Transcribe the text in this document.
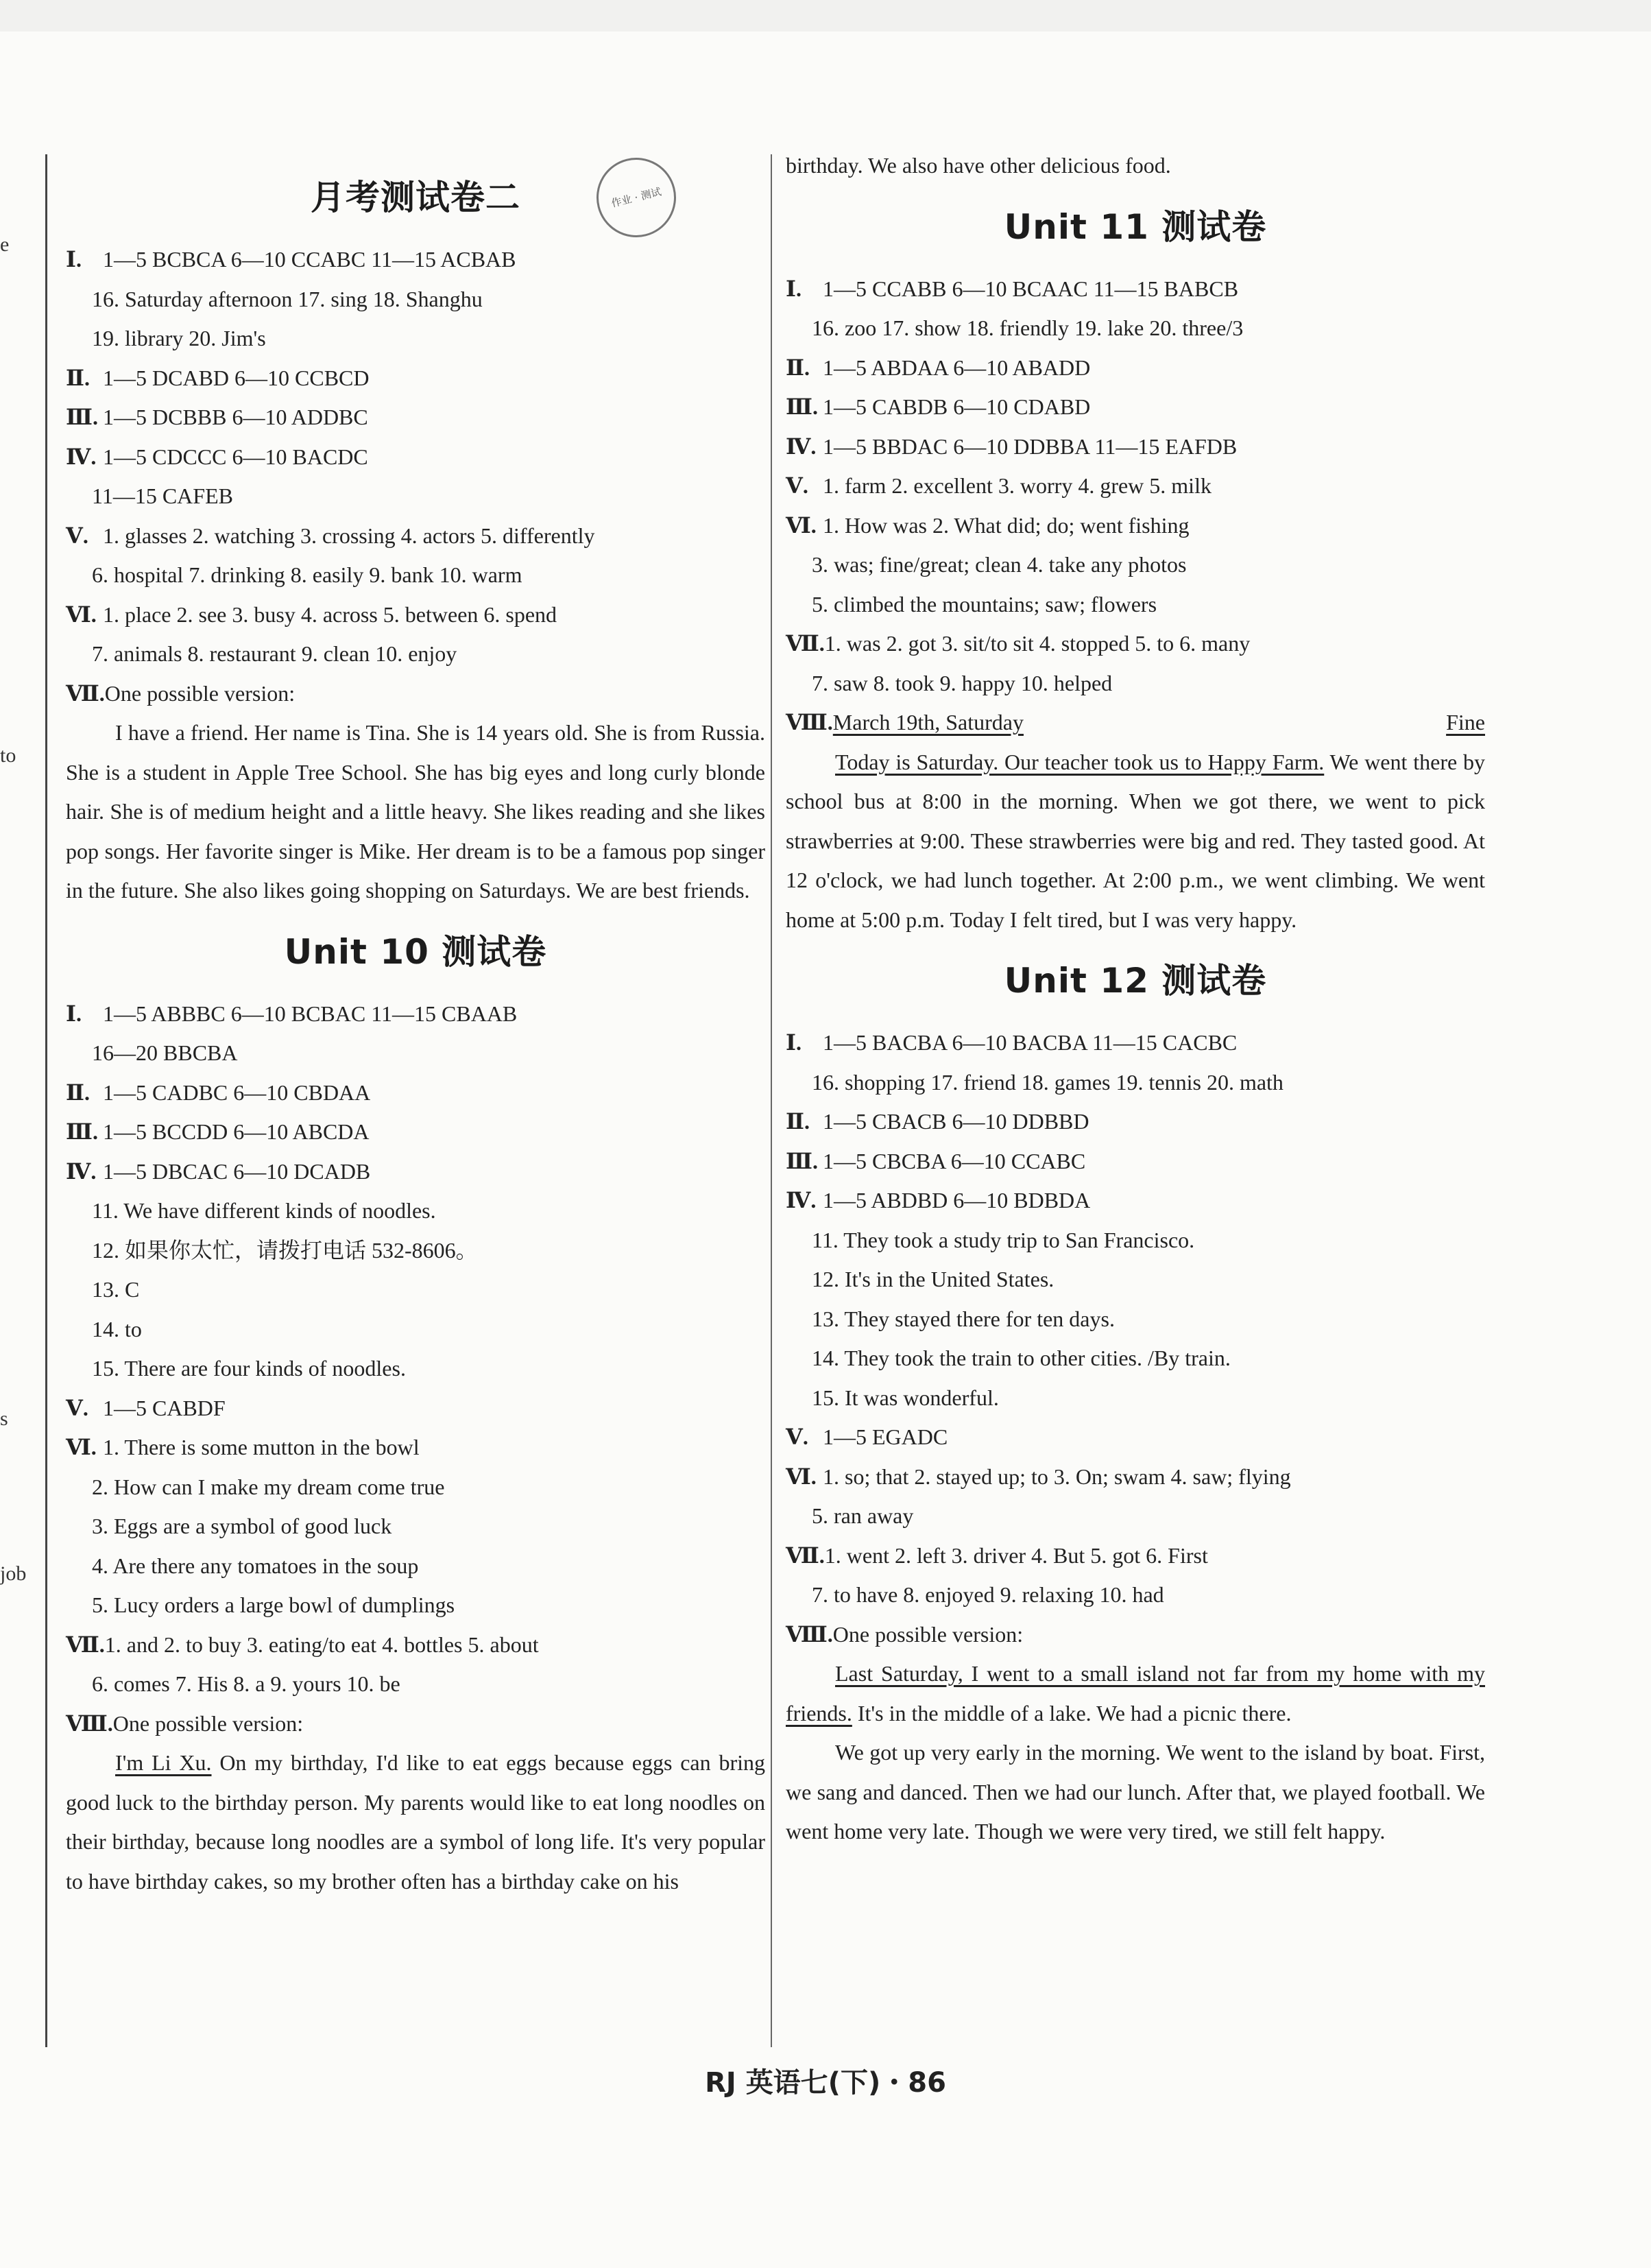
e
to
s
job
作业 · 测试
月考测试卷二
Ⅰ. 1—5 BCBCA 6—10 CCABC 11—15 ACBAB
16. Saturday afternoon 17. sing 18. Shanghu
19. library 20. Jim's
Ⅱ. 1—5 DCABD 6—10 CCBCD
Ⅲ. 1—5 DCBBB 6—10 ADDBC
Ⅳ. 1—5 CDCCC 6—10 BACDC
11—15 CAFEB
Ⅴ. 1. glasses 2. watching 3. crossing 4. actors 5. differently
6. hospital 7. drinking 8. easily 9. bank 10. warm
Ⅵ. 1. place 2. see 3. busy 4. across 5. between 6. spend
7. animals 8. restaurant 9. clean 10. enjoy
Ⅶ.One possible version:
I have a friend. Her name is Tina. She is 14 years old. She is from Russia. She is a student in Apple Tree School. She has big eyes and long curly blonde hair. She is of medium height and a little heavy. She likes reading and she likes pop songs. Her favorite singer is Mike. Her dream is to be a famous pop singer in the future. She also likes going shopping on Saturdays. We are best friends.
Unit 10 测试卷
Ⅰ. 1—5 ABBBC 6—10 BCBAC 11—15 CBAAB
16—20 BBCBA
Ⅱ. 1—5 CADBC 6—10 CBDAA
Ⅲ. 1—5 BCCDD 6—10 ABCDA
Ⅳ. 1—5 DBCAC 6—10 DCADB
11. We have different kinds of noodles.
12. 如果你太忙，请拨打电话 532-8606。
13. C
14. to
15. There are four kinds of noodles.
Ⅴ. 1—5 CABDF
Ⅵ. 1. There is some mutton in the bowl
2. How can I make my dream come true
3. Eggs are a symbol of good luck
4. Are there any tomatoes in the soup
5. Lucy orders a large bowl of dumplings
Ⅶ.1. and 2. to buy 3. eating/to eat 4. bottles 5. about
6. comes 7. His 8. a 9. yours 10. be
Ⅷ.One possible version:
I'm Li Xu. On my birthday, I'd like to eat eggs because eggs can bring good luck to the birthday person. My parents would like to eat long noodles on their birthday, because long noodles are a symbol of long life. It's very popular to have birthday cakes, so my brother often has a birthday cake on his
birthday. We also have other delicious food.
Unit 11 测试卷
Ⅰ. 1—5 CCABB 6—10 BCAAC 11—15 BABCB
16. zoo 17. show 18. friendly 19. lake 20. three/3
Ⅱ. 1—5 ABDAA 6—10 ABADD
Ⅲ. 1—5 CABDB 6—10 CDABD
Ⅳ. 1—5 BBDAC 6—10 DDBBA 11—15 EAFDB
Ⅴ. 1. farm 2. excellent 3. worry 4. grew 5. milk
Ⅵ. 1. How was 2. What did; do; went fishing
3. was; fine/great; clean 4. take any photos
5. climbed the mountains; saw; flowers
Ⅶ.1. was 2. got 3. sit/to sit 4. stopped 5. to 6. many
7. saw 8. took 9. happy 10. helped
Ⅷ.March 19th, Saturday	Fine
Today is Saturday. Our teacher took us to Happy Farm. We went there by school bus at 8:00 in the morning. When we got there, we went to pick strawberries at 9:00. These strawberries were big and red. They tasted good. At 12 o'clock, we had lunch together. At 2:00 p.m., we went climbing. We went home at 5:00 p.m. Today I felt tired, but I was very happy.
Unit 12 测试卷
Ⅰ. 1—5 BACBA 6—10 BACBA 11—15 CACBC
16. shopping 17. friend 18. games 19. tennis 20. math
Ⅱ. 1—5 CBACB 6—10 DDBBD
Ⅲ. 1—5 CBCBA 6—10 CCABC
Ⅳ. 1—5 ABDBD 6—10 BDBDA
11. They took a study trip to San Francisco.
12. It's in the United States.
13. They stayed there for ten days.
14. They took the train to other cities. /By train.
15. It was wonderful.
Ⅴ. 1—5 EGADC
Ⅵ. 1. so; that 2. stayed up; to 3. On; swam 4. saw; flying
5. ran away
Ⅶ.1. went 2. left 3. driver 4. But 5. got 6. First
7. to have 8. enjoyed 9. relaxing 10. had
Ⅷ.One possible version:
Last Saturday, I went to a small island not far from my home with my friends. It's in the middle of a lake. We had a picnic there.
We got up very early in the morning. We went to the island by boat. First, we sang and danced. Then we had our lunch. After that, we played football. We went home very late. Though we were very tired, we still felt happy.
RJ 英语七(下)・86
